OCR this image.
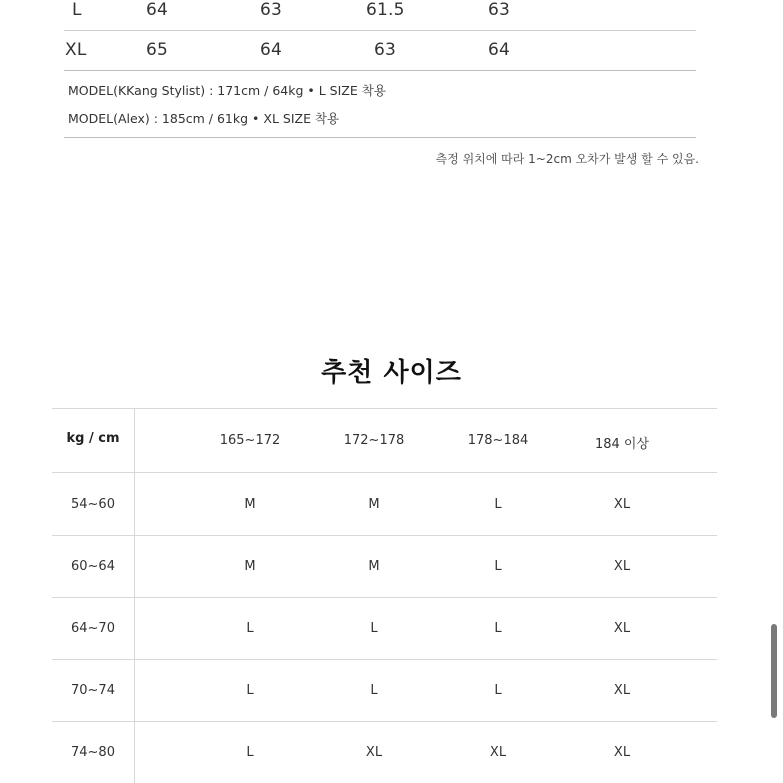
L	64	63	61.5	63
XL	65	64	63	64
MODEL(KKang Stylist) : 171cm / 64kg • L SIZE 착용
MODEL(Alex) : 185cm / 61kg • XL SIZE 착용
측정 위치에 따라 1~2cm 오차가 발생 할 수 있음.
추천 사이즈
kg / cm	165~172	172~178	178~184	184 이상
54~60	M	M	L	XL
60~64	M	M	L	XL
64~70	L	L	L	XL
70~74	L	L	L	XL
74~80	L	XL	XL	XL
